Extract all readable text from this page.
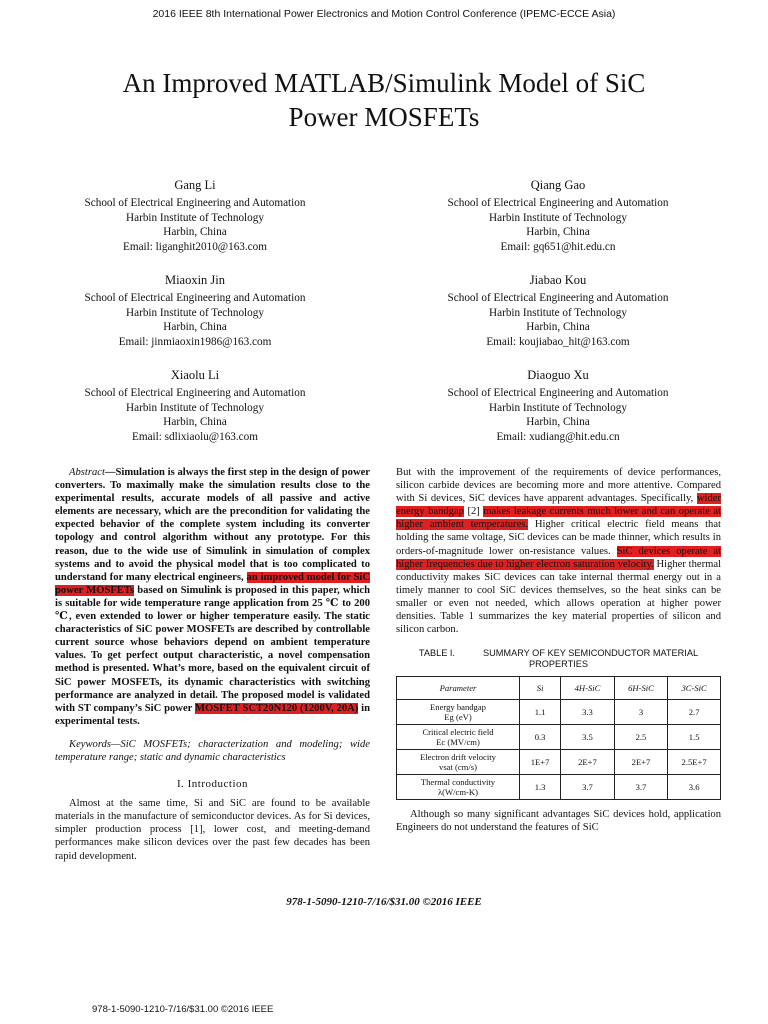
2016 IEEE 8th International Power Electronics and Motion Control Conference (IPEMC-ECCE Asia)
An Improved MATLAB/Simulink Model of SiC
Power MOSFETs
Gang Li
School of Electrical Engineering and Automation
Harbin Institute of Technology
Harbin, China
Email: liganghit2010@163.com
Qiang Gao
School of Electrical Engineering and Automation
Harbin Institute of Technology
Harbin, China
Email: gq651@hit.edu.cn
Miaoxin Jin
School of Electrical Engineering and Automation
Harbin Institute of Technology
Harbin, China
Email: jinmiaoxin1986@163.com
Jiabao Kou
School of Electrical Engineering and Automation
Harbin Institute of Technology
Harbin, China
Email: koujiabao_hit@163.com
Xiaolu Li
School of Electrical Engineering and Automation
Harbin Institute of Technology
Harbin, China
Email: sdlixiaolu@163.com
Diaoguo Xu
School of Electrical Engineering and Automation
Harbin Institute of Technology
Harbin, China
Email: xudiang@hit.edu.cn
Abstract—Simulation is always the first step in the design of power converters. To maximally make the simulation results close to the experimental results, accurate models of all passive and active elements are necessary, which are the precondition for validating the expected behavior of the complete system including its converter topology and control algorithm without any prototype. For this reason, due to the wide use of Simulink in simulation of complex systems and to avoid the physical model that is too complicated to understand for many electrical engineers, an improved model for SiC power MOSFETs based on Simulink is proposed in this paper, which is suitable for wide temperature range application from 25 ℃ to 200 ℃, even extended to lower or higher temperature easily. The static characteristics of SiC power MOSFETs are described by controllable current source whose behaviors depend on ambient temperature values. To get perfect output characteristic, a novel compensation method is presented. What’s more, based on the equivalent circuit of SiC power MOSFETs, its dynamic characteristics with switching performance are analyzed in detail. The proposed model is validated with ST company’s SiC power MOSFET SCT20N120 (1200V, 20A) in experimental tests.
Keywords—SiC MOSFETs; characterization and modeling; wide temperature range; static and dynamic characteristics
I. Introduction
Almost at the same time, Si and SiC are found to be available materials in the manufacture of semiconductor devices. As for Si devices, simpler production process [1], lower cost, and meeting-demand performances make silicon devices over the past few decades has been rapid development.
But with the improvement of the requirements of device performances, silicon carbide devices are becoming more and more attentive. Compared with Si devices, SiC devices have apparent advantages. Specifically, wider energy bandgap [2] makes leakage currents much lower and can operate at higher ambient temperatures. Higher critical electric field means that holding the same voltage, SiC devices can be made thinner, which results in orders-of-magnitude lower on-resistance values. SiC devices operate at higher frequencies due to higher electron saturation velocity. Higher thermal conductivity makes SiC devices can take internal thermal energy out in a timely manner to cool SiC devices themselves, so the heat sinks can be smaller or even not needed, which allows operation at higher power densities. Table 1 summarizes the key material properties of silicon and silicon carbon.
TABLE I.	SUMMARY OF KEY SEMICONDUCTOR MATERIAL PROPERTIES
Parameter	Si	4H-SiC	6H-SiC	3C-SiC

Energy bandgap
Eg (eV)	1.1	3.3	3	2.7

Critical electric field
Ec (MV/cm)	0.3	3.5	2.5	1.5

Electron drift velocity
vsat (cm/s)	1E+7	2E+7	2E+7	2.5E+7

Thermal conductivity
λ(W/cm-K)	1.3	3.7	3.7	3.6
Although so many significant advantages SiC devices hold, application Engineers do not understand the features of SiC
978-1-5090-1210-7/16/$31.00 ©2016 IEEE
978-1-5090-1210-7/16/$31.00 ©2016 IEEE
